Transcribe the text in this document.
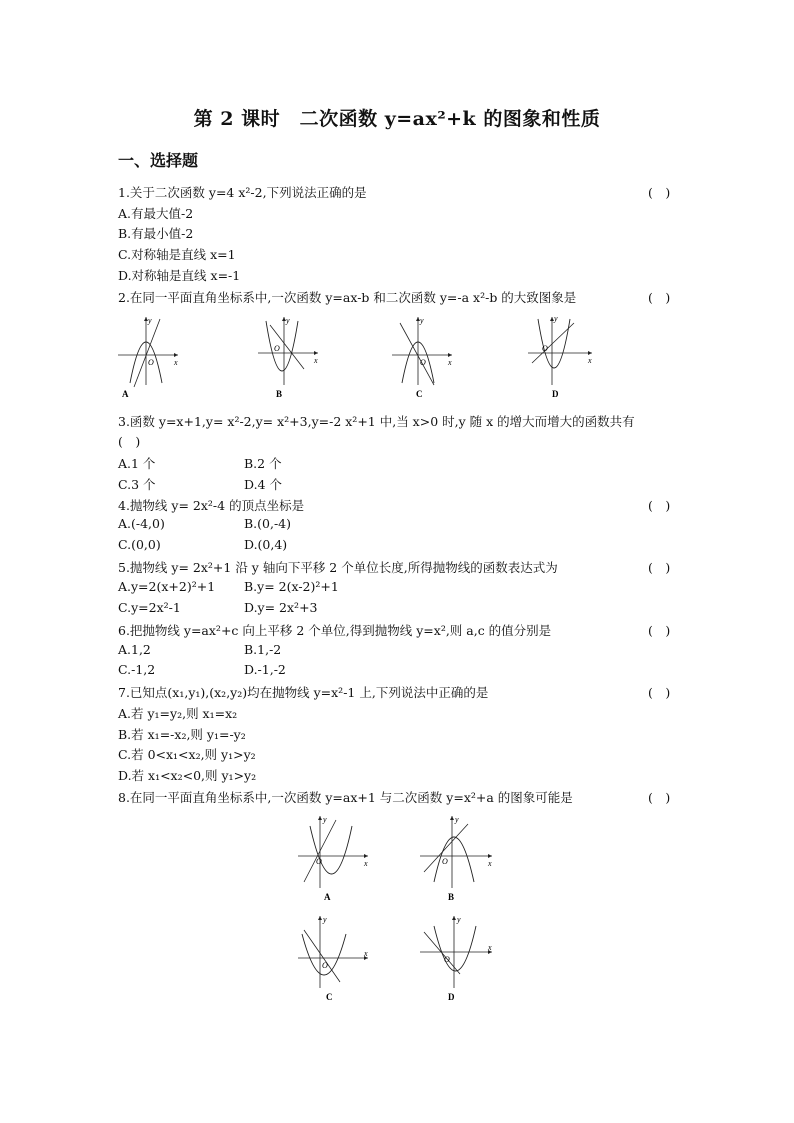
第 2 课时　二次函数 y=ax²+k 的图象和性质
一、选择题
1.关于二次函数 y=4 x²-2,下列说法正确的是	(　)
A.有最大值-2
B.有最小值-2
C.对称轴是直线 x=1
D.对称轴是直线 x=-1
2.在同一平面直角坐标系中,一次函数 y=ax-b 和二次函数 y=-a x²-b 的大致图象是	(　)
O	x
y
A
O
x
y
B
O	x
y
C
O
x
y
D
3.函数 y=x+1,y= x²-2,y= x²+3,y=-2 x²+1 中,当 x>0 时,y 随 x 的增大而增大的函数共有
(　)
A.1 个	B.2 个
C.3 个	D.4 个
4.抛物线 y= 2x²-4 的顶点坐标是	(　)
A.(-4,0)	B.(0,-4)
C.(0,0)	D.(0,4)
5.抛物线 y= 2x²+1 沿 y 轴向下平移 2 个单位长度,所得抛物线的函数表达式为	(　)
A.y=2(x+2)²+1 B.y= 2(x-2)²+1
C.y=2x²-1	D.y= 2x²+3
6.把抛物线 y=ax²+c 向上平移 2 个单位,得到抛物线 y=x²,则 a,c 的值分别是	(　)
A.1,2	B.1,-2
C.-1,2	D.-1,-2
7.已知点(x₁,y₁),(x₂,y₂)均在抛物线 y=x²-1 上,下列说法中正确的是	(　)
A.若 y₁=y₂,则 x₁=x₂
B.若 x₁=-x₂,则 y₁=-y₂
C.若 0<x₁<x₂,则 y₁>y₂
D.若 x₁<x₂<0,则 y₁>y₂
8.在同一平面直角坐标系中,一次函数 y=ax+1 与二次函数 y=x²+a 的图象可能是	(　)
O	x
y
A
O	x
y
B
O
x
y
C
O
x
y
D
